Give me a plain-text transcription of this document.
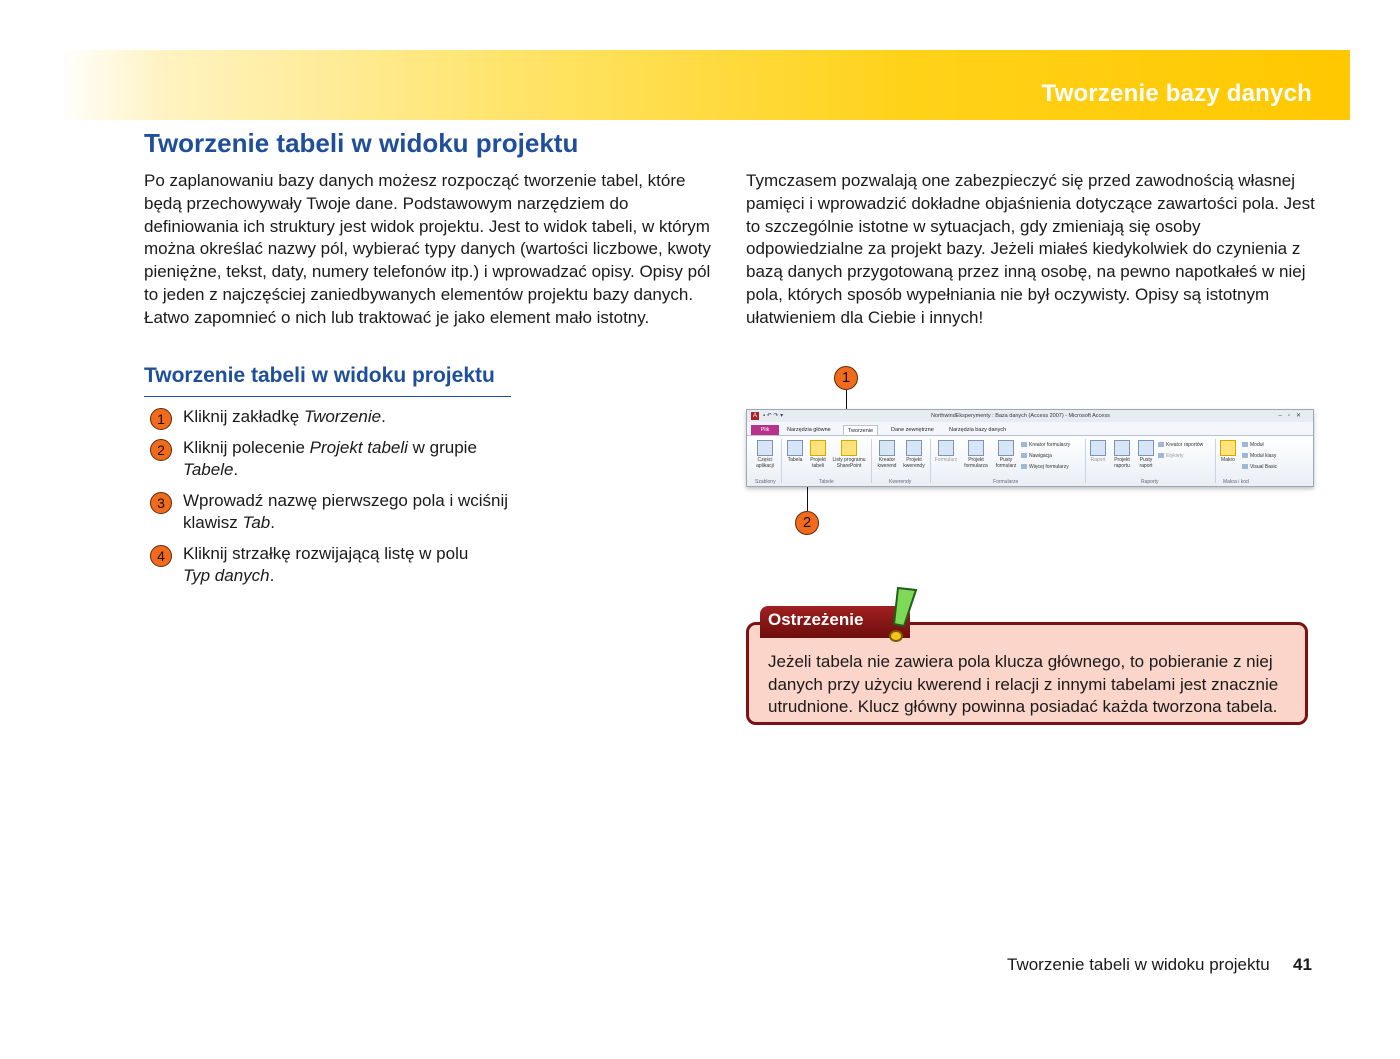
Tworzenie bazy danych
Tworzenie tabeli w widoku projektu

Po zaplanowaniu bazy danych możesz rozpocząć tworzenie tabel, które będą przechowywały Twoje dane. Podstawowym narzędziem do definiowania ich struktury jest widok projektu. Jest to widok tabeli, w którym można określać nazwy pól, wybierać typy danych (wartości liczbowe, kwoty pieniężne, tekst, daty, numery telefonów itp.) i wprowadzać opisy. Opisy pól to jeden z najczęściej zaniedbywanych elementów projektu bazy danych. Łatwo zapomnieć o nich lub traktować je jako element mało istotny.

Tymczasem pozwalają one zabezpieczyć się przed zawodnością własnej pamięci i wprowadzić dokładne objaśnienia dotyczące zawartości pola. Jest to szczególnie istotne w sytuacjach, gdy zmieniają się osoby odpowiedzialne za projekt bazy. Jeżeli miałeś kiedykolwiek do czynienia z bazą danych przygotowaną przez inną osobę, na pewno napotkałeś w niej pola, których sposób wypełniania nie był oczywisty. Opisy są istotnym ułatwieniem dla Ciebie i innych!

Tworzenie tabeli w widoku projektu
1	Kliknij zakładkę Tworzenie.
2	Kliknij polecenie Projekt tabeli w grupie
Tabele.
3	Wprowadź nazwę pierwszego pola i wciśnij klawisz Tab.
4	Kliknij strzałkę rozwijającą listę w polu
Typ danych.
1
2
A	▪ ↶ ↷ ▾	NorthwindEksperymenty : Baza danych (Access 2007) - Microsoft Access	–▫✕
Plik	Narzędzia główne	Tworzenie	Dane zewnętrzne	Narzędzia bazy danych
Części aplikacji
Tabela	Projekt tabeli
Listy programu SharePoint
Kreator kwerend
Projekt kwerendy
Formularz	Projekt formularza
Pusty formularz
Kreator formularzy
Nawigacja
Więcej formularzy
Raport	Projekt raportu
Pusty raport
Kreator raportów
Etykiety
Makro
Moduł
Moduł klasy
Visual Basic
Szablony	Tabele	Kwerendy	Formularze	Raporty	Makra i kod

Jeżeli tabela nie zawiera pola klucza głównego, to pobieranie z niej danych przy użyciu kwerend i relacji z innymi tabelami jest znacznie utrudnione. Klucz główny powinna posiadać każda tworzona tabela.

Ostrzeżenie
Tworzenie tabeli w widoku projektu 41
